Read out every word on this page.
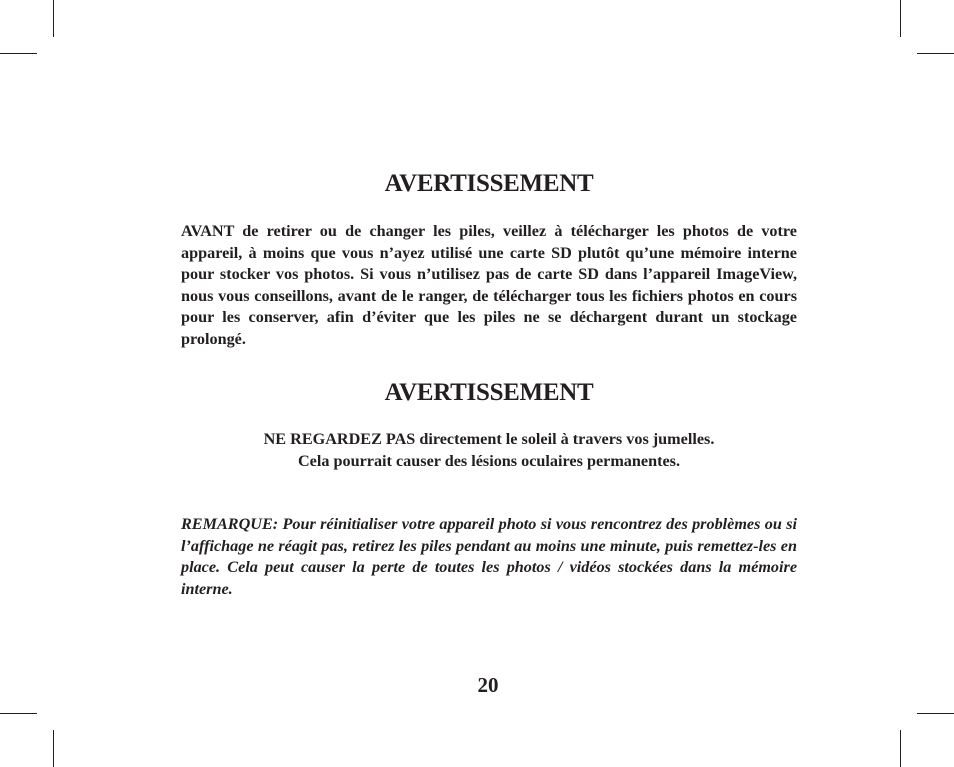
AVERTISSEMENT

AVANT de retirer ou de changer les piles, veillez à télécharger les photos de votre appareil, à moins que vous n’ayez utilisé une carte SD plutôt qu’une mémoire interne pour stocker vos photos. Si vous n’utilisez pas de carte SD dans l’appareil ImageView, nous vous conseillons, avant de le ranger, de télécharger tous les fichiers photos en cours pour les conserver, afin d’éviter que les piles ne se déchargent durant un stockage prolongé.

AVERTISSEMENT

NE REGARDEZ PAS directement le soleil à travers vos jumelles.

Cela pourrait causer des lésions oculaires permanentes.

REMARQUE: Pour réinitialiser votre appareil photo si vous rencontrez des problèmes ou si l’affichage ne réagit pas, retirez les piles pendant au moins une minute, puis remettez-les en place. Cela peut causer la perte de toutes les photos / vidéos stockées dans la mémoire interne.

20
